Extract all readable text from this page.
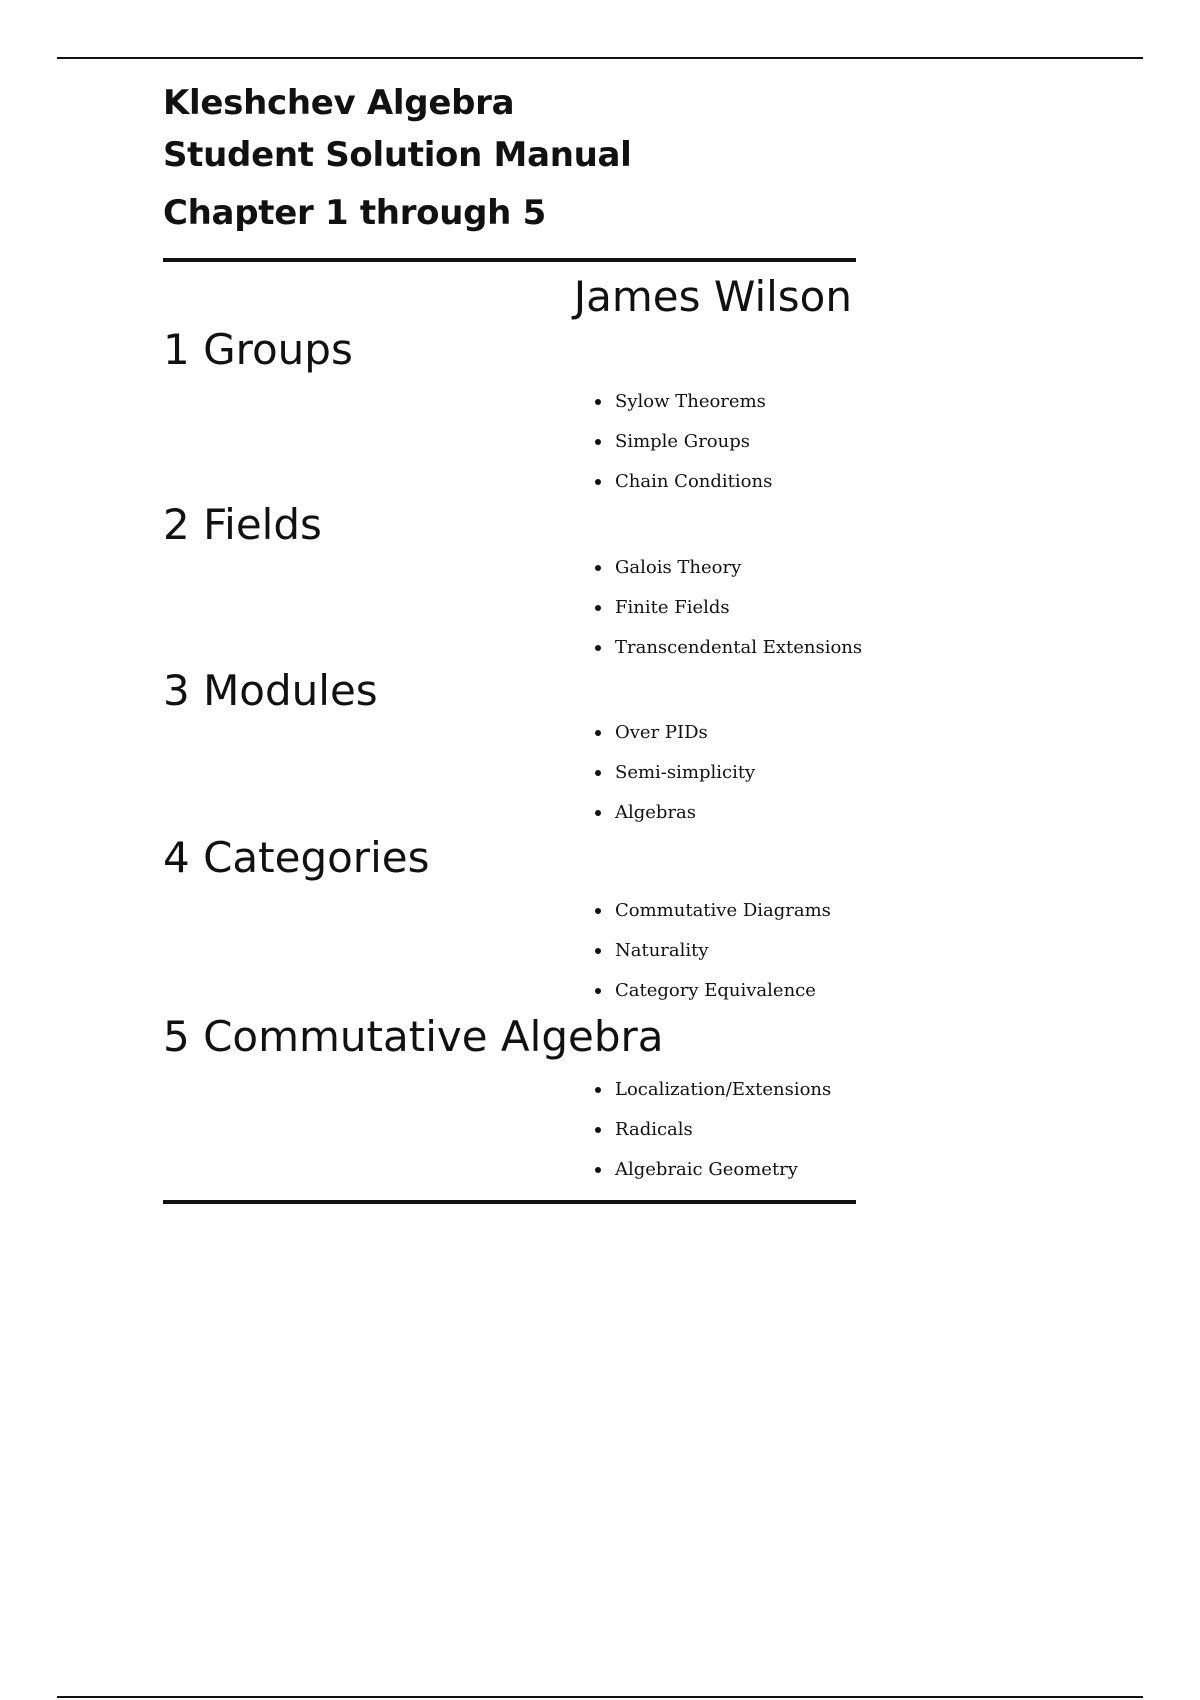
Kleshchev Algebra
Student Solution Manual
Chapter 1 through 5
James Wilson
1 Groups
Sylow Theorems
Simple Groups
Chain Conditions
2 Fields
Galois Theory
Finite Fields
Transcendental Extensions
3 Modules
Over PIDs
Semi-simplicity
Algebras
4 Categories
Commutative Diagrams
Naturality
Category Equivalence
5 Commutative Algebra
Localization/Extensions
Radicals
Algebraic Geometry
